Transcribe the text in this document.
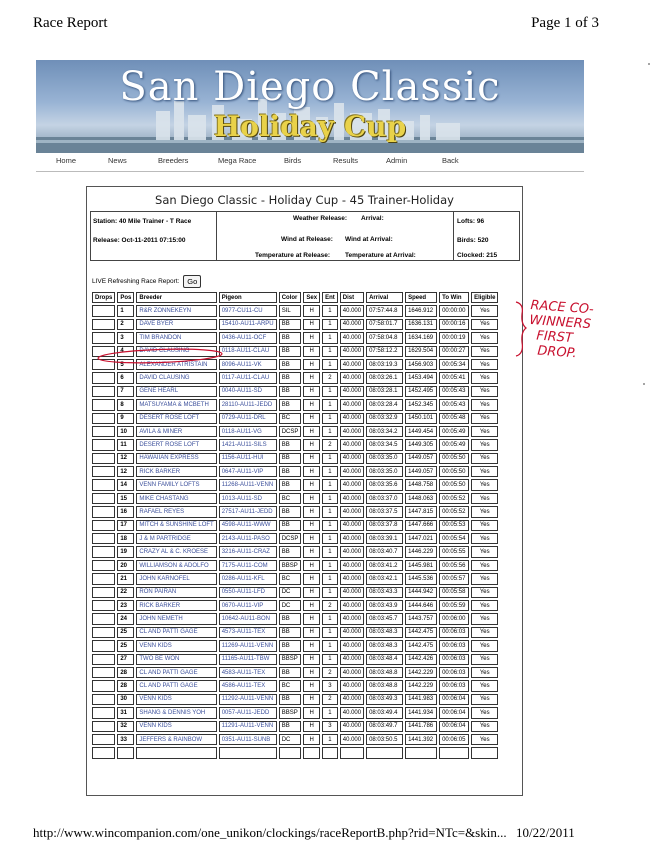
Race Report	Page 1 of 3
San Diego Classic
Holiday Cup
Home	News	Breeders	Mega Race	Birds	Results	Admin	Back
San Diego Classic - Holiday Cup - 45 Trainer-Holiday
Station: 40 Mile Trainer - T Race
Release: Oct-11-2011 07:15:00
Weather Release: Arrival:
Wind at Release: Wind at Arrival:
Temperature at Release: Temperature at Arrival:
Lofts: 96
Birds: 520
Clocked: 215
LIVE Refreshing Race Report: Go
Drops	Pos	Breeder	Pigeon	Color	Sex	Ent	Dist	Arrival	Speed	To Win	Eligible
	1	R&R ZONNEKEYN	0977-CU11-CU	SIL	H	1	40.000	07:57:44.8	1646.912	00:00:00	Yes
	2	DAVE BYER	15410-AU11-ARPU	BB	H	1	40.000	07:58:01.7	1636.131	00:00:16	Yes
	3	TIM BRANDON	0436-AU11-OCF	BB	H	1	40.000	07:58:04.8	1634.169	00:00:19	Yes
	4	DAVID CLAUSING	0118-AU11-CLAU	BB	H	1	40.000	07:58:12.2	1629.504	00:00:27	Yes
	5	ALEXANDER ATRISTAIN	8096-AU11-VK	BB	H	1	40.000	08:03:19.3	1456.903	00:05:34	Yes
	6	DAVID CLAUSING	0117-AU11-CLAU	BB	H	2	40.000	08:03:26.1	1453.494	00:05:41	Yes
	7	GENE HEARL	0040-AU11-SD	BB	H	1	40.000	08:03:28.1	1452.495	00:05:43	Yes
	8	MATSUYAMA & MCBETH	28110-AU11-JEDD	BB	H	1	40.000	08:03:28.4	1452.345	00:05:43	Yes
	9	DESERT ROSE LOFT	0729-AU11-DRL	BC	H	1	40.000	08:03:32.9	1450.101	00:05:48	Yes
	10	AVILA & MINER	0118-AU11-VG	DCSP	H	1	40.000	08:03:34.2	1449.454	00:05:49	Yes
	11	DESERT ROSE LOFT	1421-AU11-SILS	BB	H	2	40.000	08:03:34.5	1449.305	00:05:49	Yes
	12	HAWAIIAN EXPRESS	1156-AU11-HUI	BB	H	1	40.000	08:03:35.0	1449.057	00:05:50	Yes
	12	RICK BARKER	0647-AU11-VIP	BB	H	1	40.000	08:03:35.0	1449.057	00:05:50	Yes
	14	VENN FAMILY LOFTS	11268-AU11-VENN	BB	H	1	40.000	08:03:35.6	1448.758	00:05:50	Yes
	15	MIKE CHASTANG	1013-AU11-SD	BC	H	1	40.000	08:03:37.0	1448.063	00:05:52	Yes
	16	RAFAEL REYES	27517-AU11-JEDD	BB	H	1	40.000	08:03:37.5	1447.815	00:05:52	Yes
	17	MITCH & SUNSHINE LOFT	4598-AU11-WWW	BB	H	1	40.000	08:03:37.8	1447.666	00:05:53	Yes
	18	J & M PARTRIDGE	2143-AU11-PASO	DCSP	H	1	40.000	08:03:39.1	1447.021	00:05:54	Yes
	19	CRAZY AL & C. KROESE	3216-AU11-CRAZ	BB	H	1	40.000	08:03:40.7	1446.229	00:05:55	Yes
	20	WILLIAMSON & ADOLFO	7175-AU11-COM	BBSP	H	1	40.000	08:03:41.2	1445.981	00:05:56	Yes
	21	JOHN KARNOFEL	0286-AU11-KFL	BC	H	1	40.000	08:03:42.1	1445.536	00:05:57	Yes
	22	RON PAIRAN	0550-AU11-LFD	DC	H	1	40.000	08:03:43.3	1444.942	00:05:58	Yes
	23	RICK BARKER	0670-AU11-VIP	DC	H	2	40.000	08:03:43.9	1444.646	00:05:59	Yes
	24	JOHN NEMETH	10642-AU11-BON	BB	H	1	40.000	08:03:45.7	1443.757	00:06:00	Yes
	25	CL AND PATTI GAGE	4573-AU11-TEX	BB	H	1	40.000	08:03:48.3	1442.475	00:06:03	Yes
	25	VENN KIDS	11269-AU11-VENN	BB	H	1	40.000	08:03:48.3	1442.475	00:06:03	Yes
	27	TWO BE WON	11165-AU11-TBW	BBSP	H	1	40.000	08:03:48.4	1442.426	00:06:03	Yes
	28	CL AND PATTI GAGE	4583-AU11-TEX	BB	H	2	40.000	08:03:48.8	1442.229	00:06:03	Yes
	28	CL AND PATTI GAGE	4586-AU11-TEX	BC	H	3	40.000	08:03:48.8	1442.229	00:06:03	Yes
	30	VENN KIDS	11292-AU11-VENN	BB	H	2	40.000	08:03:49.3	1441.983	00:06:04	Yes
	31	SHANG & DENNIS YOH	0057-AU11-JEDD	BBSP	H	1	40.000	08:03:49.4	1441.934	00:06:04	Yes
	32	VENN KIDS	11291-AU11-VENN	BB	H	3	40.000	08:03:49.7	1441.786	00:06:04	Yes
	33	JEFFERS & RAINBOW	0351-AU11-SUNB	DC	H	1	40.000	08:03:50.5	1441.392	00:06:05	Yes

RACE CO-
WINNERS
FIRST
DROP.
http://www.wincompanion.com/one_unikon/clockings/raceReportB.php?rid=NTc=&skin... 10/22/2011
